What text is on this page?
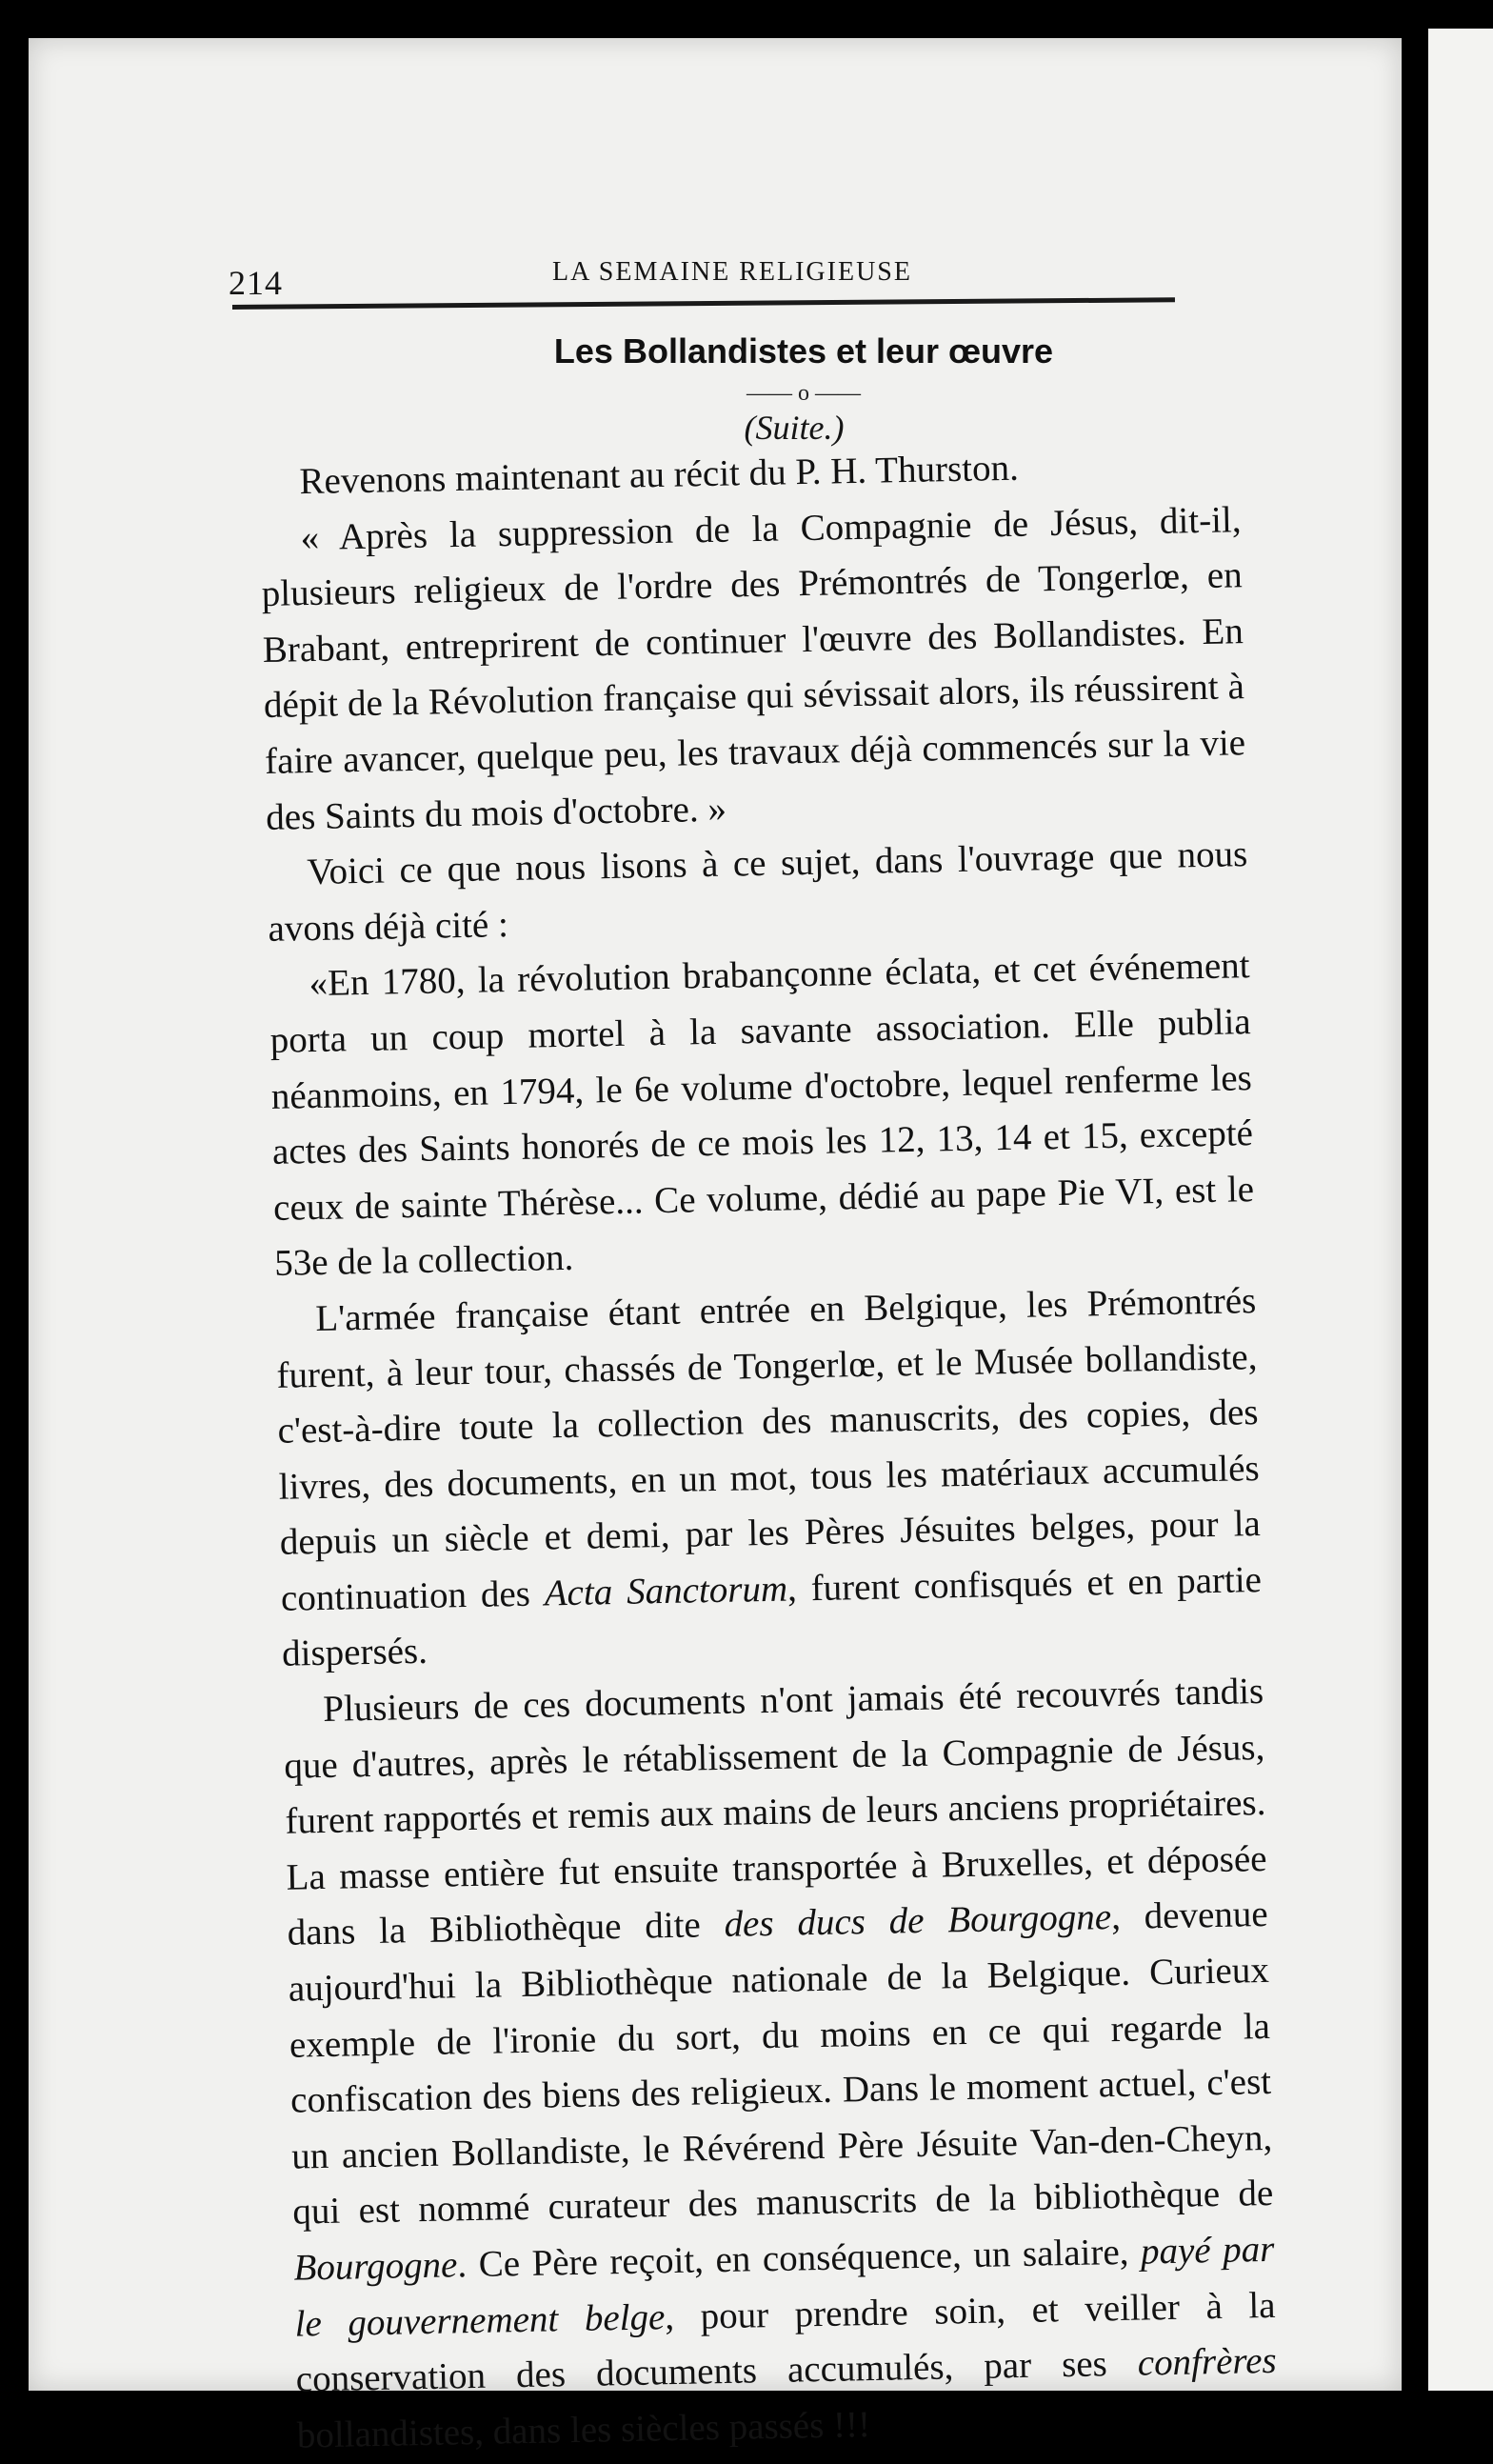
214	LA SEMAINE RELIGIEUSE
Les Bollandistes et leur œuvre
—— o ——
(Suite.)

Revenons maintenant au récit du P. H. Thurston.

« Après la suppression de la Compagnie de Jésus, dit-il, plusieurs religieux de l'ordre des Prémontrés de Tongerlœ, en Brabant, entreprirent de continuer l'œuvre des Bollandistes. En dépit de la Révolution française qui sévissait alors, ils réussirent à faire avancer, quelque peu, les travaux déjà commencés sur la vie des Saints du mois d'octobre. »

Voici ce que nous lisons à ce sujet, dans l'ouvrage que nous avons déjà cité :

«En 1780, la révolution brabançonne éclata, et cet événement porta un coup mortel à la savante association. Elle publia néanmoins, en 1794, le 6e volume d'octobre, lequel renferme les actes des Saints honorés de ce mois les 12, 13, 14 et 15, excepté ceux de sainte Thérèse... Ce volume, dédié au pape Pie VI, est le 53e de la collection.

L'armée française étant entrée en Belgique, les Prémontrés furent, à leur tour, chassés de Tongerlœ, et le Musée bollandiste, c'est-à-dire toute la collection des manuscrits, des copies, des livres, des documents, en un mot, tous les matériaux accumulés depuis un siècle et demi, par les Pères Jésuites belges, pour la continuation des Acta Sanctorum, furent confisqués et en partie dispersés.

Plusieurs de ces documents n'ont jamais été recouvrés tandis que d'autres, après le rétablissement de la Compagnie de Jésus, furent rapportés et remis aux mains de leurs anciens propriétaires. La masse entière fut ensuite transportée à Bruxelles, et déposée dans la Bibliothèque dite des ducs de Bourgogne, devenue aujourd'hui la Bibliothèque nationale de la Belgique. Curieux exemple de l'ironie du sort, du moins en ce qui regarde la confiscation des biens des religieux. Dans le moment actuel, c'est un ancien Bollandiste, le Révérend Père Jésuite Van-den-Cheyn, qui est nommé curateur des manuscrits de la bibliothèque de Bourgogne. Ce Père reçoit, en conséquence, un salaire, payé par le gouvernement belge, pour prendre soin, et veiller à la conservation des documents accumulés, par ses confrères bollandistes, dans les siècles passés !!!
